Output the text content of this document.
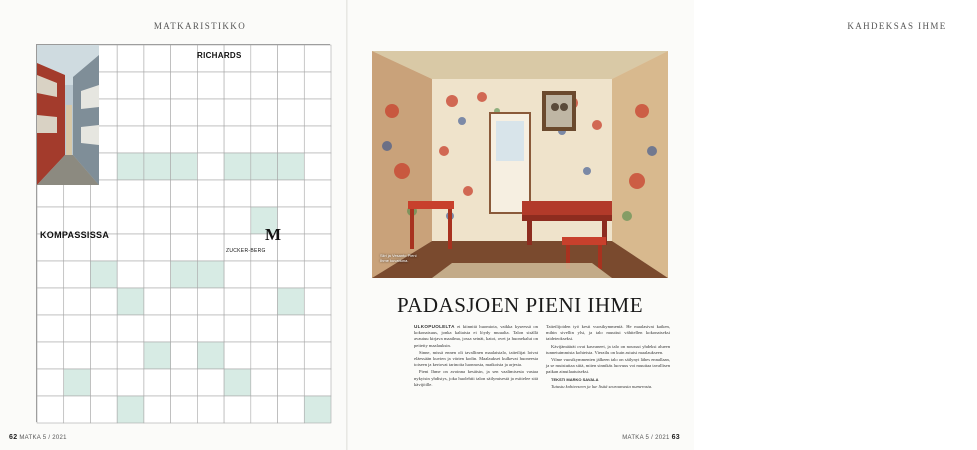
MATKARISTIKKO
KOMPASSISSA
RICHARDS
ZUCKER-BERG
M
62 MATKA 5 / 2021
KAHDEKSAS IHME
MATKA 5 / 2021 63
Siiri ja Vesanto Pieni Ihme kuvattuna.
PADASJOEN PIENI IHME

ULKOPUOLELTA ei kiinnitä huomiota, vaikka kyseessä on kokonaisuus, jonka kaltaista ei löydy muualta. Talon sisällä avautuu kirjava maailma, jossa seinät, katot, ovet ja huonekalut on peitetty maalauksin.

Sinne, missä ennen oli tavallinen maalaistalo, taiteilijat loivat eläessään kuvien ja värien kodin. Maalaukset kulkevat huoneesta toiseen ja kertovat tarinoita luonnosta, matkoista ja arjesta.

Pieni Ihme on avoinna kesäisin, ja sen vaalimisesta vastaa nykyisin yhdistys, joka huolehtii talon säilymisestä ja esittelee sitä kävijöille.

Taiteilijoiden työ kesti vuosikymmeniä. He maalasivat kaiken, mihin sivellin ylsi, ja talo muuttui vähitellen kokonaiseksi taideteokseksi.

Kävijämäärät ovat kasvaneet, ja talo on noussut yhdeksi alueen tunnetuimmista kohteista. Vierailu on kuin astuisi maalaukseen.

Vilme vuosikymmenten jälkeen talo on säilynyt lähes ennallaan, ja se muistuttaa siitä, miten sinnikäs luovuus voi muuttaa tavallisen paikan ainutlaatuiseksi.

TEKSTI MARKO SAVALA

Tutustu kohteeseen ja lue lisää seuraavasta numerosta.
